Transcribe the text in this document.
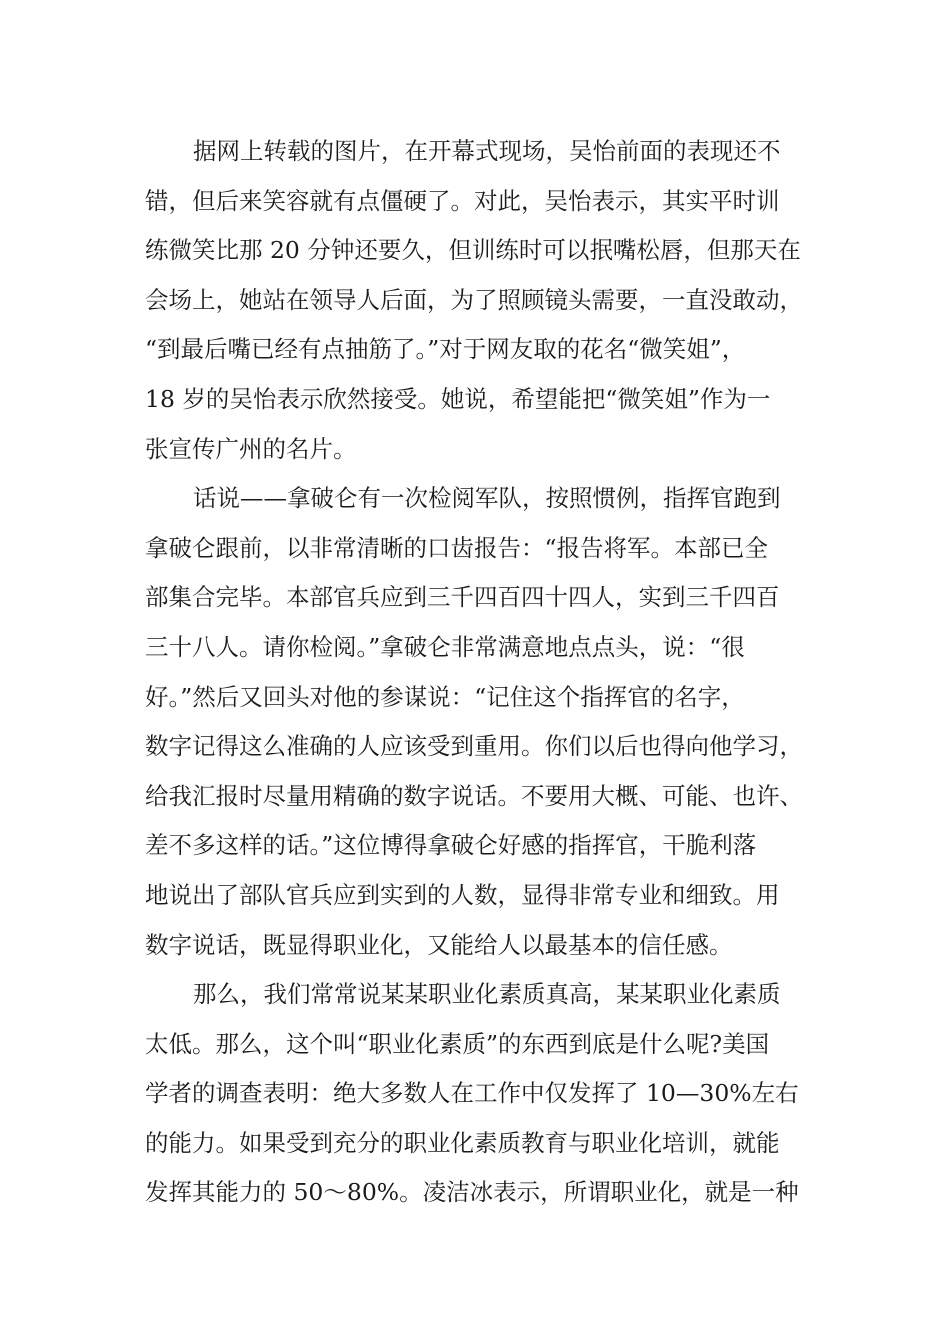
据网上转载的图片，在开幕式现场，吴怡前面的表现还不
错，但后来笑容就有点僵硬了。对此，吴怡表示，其实平时训
练微笑比那 20 分钟还要久，但训练时可以抿嘴松唇，但那天在
会场上，她站在领导人后面，为了照顾镜头需要，一直没敢动，
“到最后嘴已经有点抽筋了。”对于网友取的花名“微笑姐”，
18 岁的吴怡表示欣然接受。她说，希望能把“微笑姐”作为一
张宣传广州的名片。
话说——拿破仑有一次检阅军队，按照惯例，指挥官跑到
拿破仑跟前，以非常清晰的口齿报告：“报告将军。本部已全
部集合完毕。本部官兵应到三千四百四十四人，实到三千四百
三十八人。请你检阅。”拿破仑非常满意地点点头，说：“很
好。”然后又回头对他的参谋说：“记住这个指挥官的名字，
数字记得这么准确的人应该受到重用。你们以后也得向他学习，
给我汇报时尽量用精确的数字说话。不要用大概、可能、也许、
差不多这样的话。”这位博得拿破仑好感的指挥官，干脆利落
地说出了部队官兵应到实到的人数，显得非常专业和细致。用
数字说话，既显得职业化，又能给人以最基本的信任感。
那么，我们常常说某某职业化素质真高，某某职业化素质
太低。那么，这个叫“职业化素质”的东西到底是什么呢?美国
学者的调查表明：绝大多数人在工作中仅发挥了 10—30%左右
的能力。如果受到充分的职业化素质教育与职业化培训，就能
发挥其能力的 50～80%。凌洁冰表示，所谓职业化，就是一种
